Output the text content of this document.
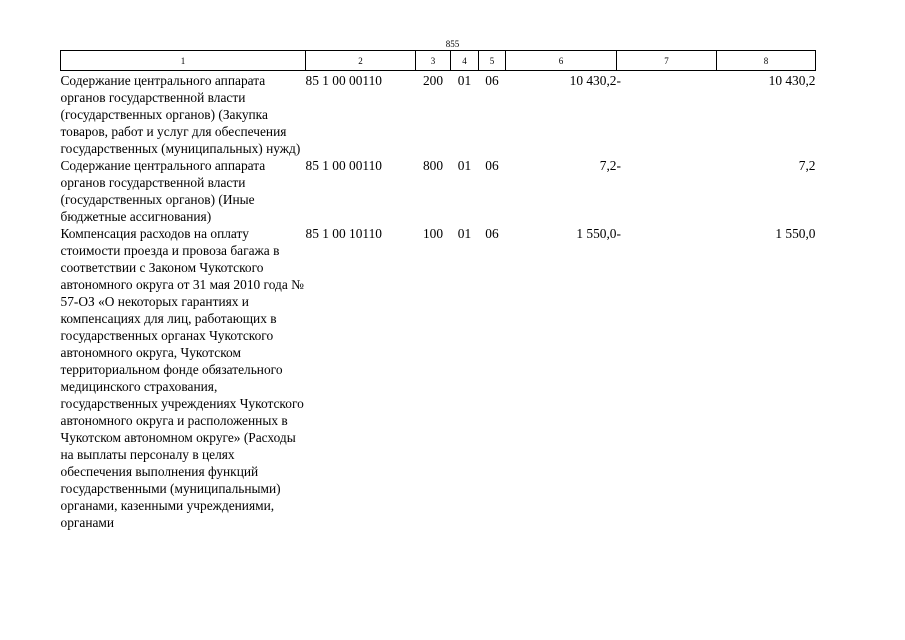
855
1	2	3	4	5	6	7	8
Содержание центрального аппарата органов государственной власти (государственных органов) (Закупка товаров, работ и услуг для обеспечения государственных (муниципальных) нужд)	85 1 00 00110	200	01	06	10 430,2	-	10 430,2
Содержание центрального аппарата органов государственной власти (государственных органов) (Иные бюджетные ассигнования)	85 1 00 00110	800	01	06	7,2	-	7,2
Компенсация расходов на оплату стоимости проезда и провоза багажа в соответствии с Законом Чукотского автономного округа от 31 мая 2010 года № 57-ОЗ «О некоторых гарантиях и компенсациях для лиц, работающих в государственных органах Чукотского автономного округа, Чукотском территориальном фонде обязательного медицинского страхования, государственных учреждениях Чукотского автономного округа и расположенных в Чукотском автономном округе» (Расходы на выплаты персоналу в целях обеспечения выполнения функций государственными (муниципальными) органами, казенными учреждениями, органами	85 1 00 10110	100	01	06	1 550,0	-	1 550,0
